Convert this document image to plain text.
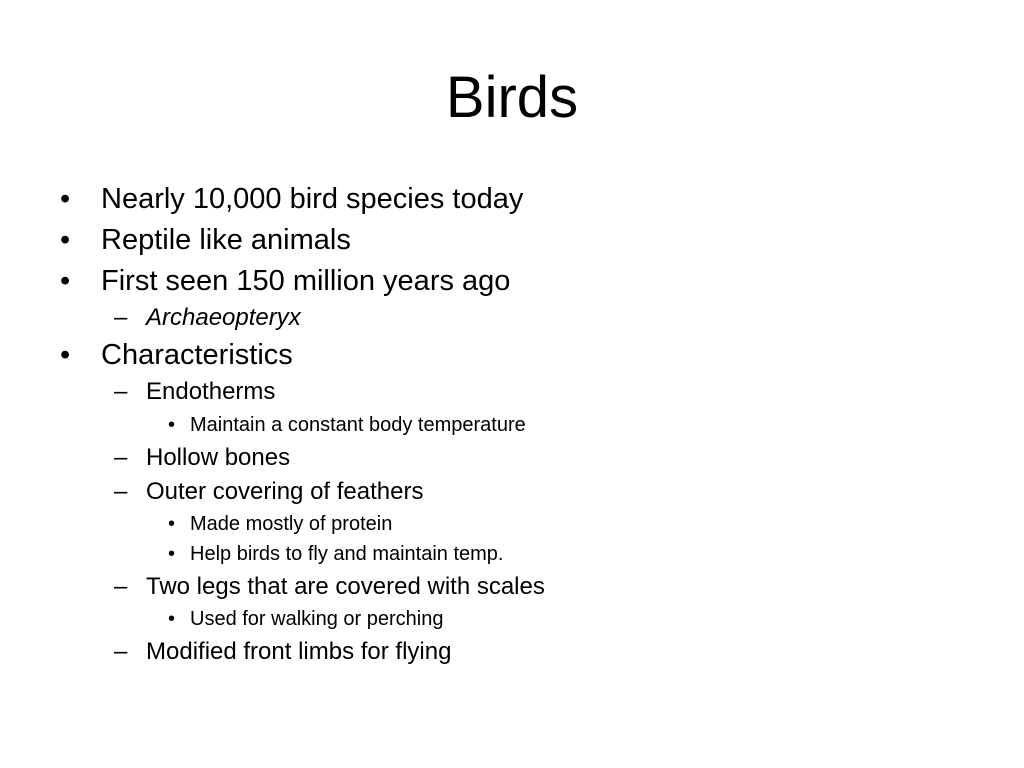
Birds
• Nearly 10,000 bird species today
• Reptile like animals
• First seen 150 million years ago
– Archaeopteryx
• Characteristics
– Endotherms
• Maintain a constant body temperature
– Hollow bones
– Outer covering of feathers
• Made mostly of protein
• Help birds to fly and maintain temp.
– Two legs that are covered with scales
• Used for walking or perching
– Modified front limbs for flying
